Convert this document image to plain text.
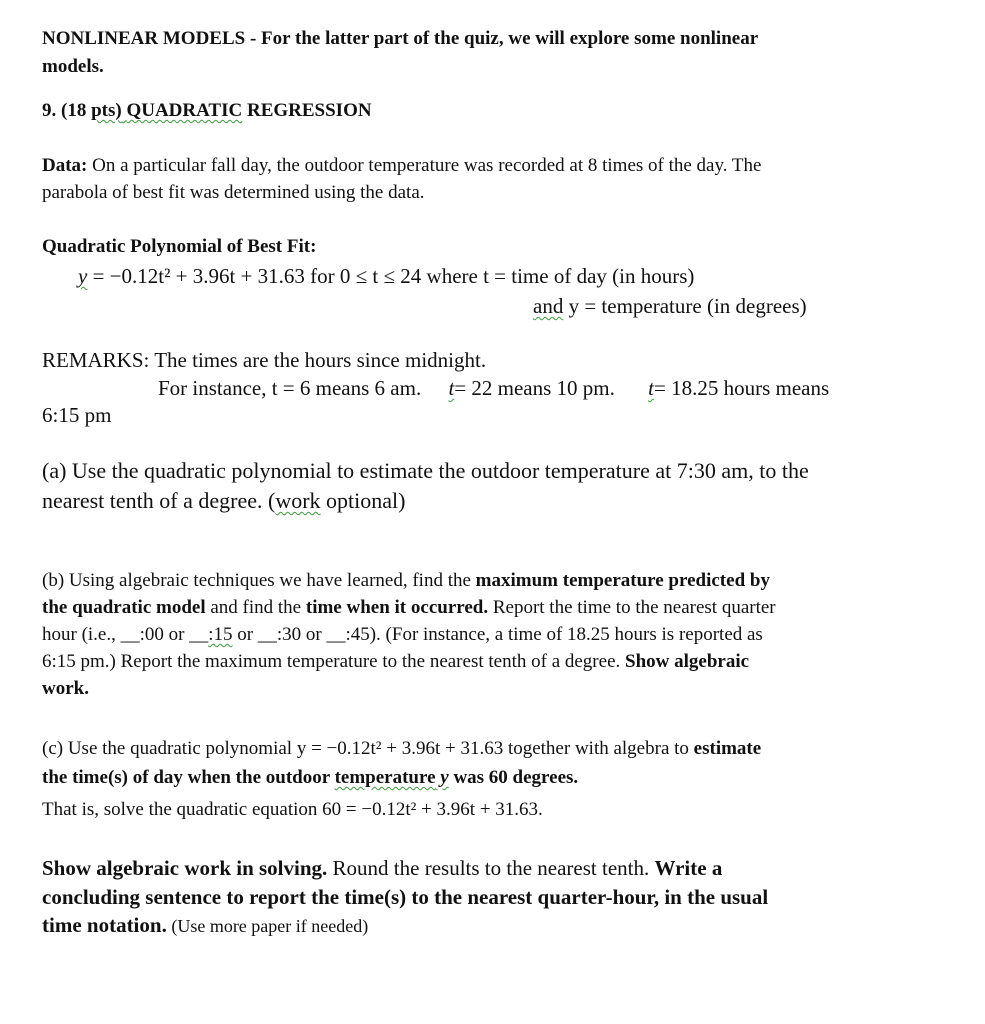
NONLINEAR MODELS - For the latter part of the quiz, we will explore some nonlinear
models.
9. (18 pts) QUADRATIC REGRESSION
Data: On a particular fall day, the outdoor temperature was recorded at 8 times of the day. The
parabola of best fit was determined using the data.
Quadratic Polynomial of Best Fit:
y = −0.12t² + 3.96t + 31.63 for 0 ≤ t ≤ 24 where t = time of day (in hours)
and y = temperature (in degrees)
REMARKS: The times are the hours since midnight.
For instance, t = 6 means 6 am. t= 22 means 10 pm. t= 18.25 hours means
6:15 pm
(a) Use the quadratic polynomial to estimate the outdoor temperature at 7:30 am, to the
nearest tenth of a degree. (work optional)
(b) Using algebraic techniques we have learned, find the maximum temperature predicted by
the quadratic model and find the time when it occurred. Report the time to the nearest quarter
hour (i.e., __:00 or __:15 or __:30 or __:45). (For instance, a time of 18.25 hours is reported as
6:15 pm.) Report the maximum temperature to the nearest tenth of a degree. Show algebraic
work.
(c) Use the quadratic polynomial y = −0.12t² + 3.96t + 31.63 together with algebra to estimate
the time(s) of day when the outdoor temperature y was 60 degrees.
That is, solve the quadratic equation 60 = −0.12t² + 3.96t + 31.63.
Show algebraic work in solving. Round the results to the nearest tenth. Write a
concluding sentence to report the time(s) to the nearest quarter-hour, in the usual
time notation. (Use more paper if needed)
